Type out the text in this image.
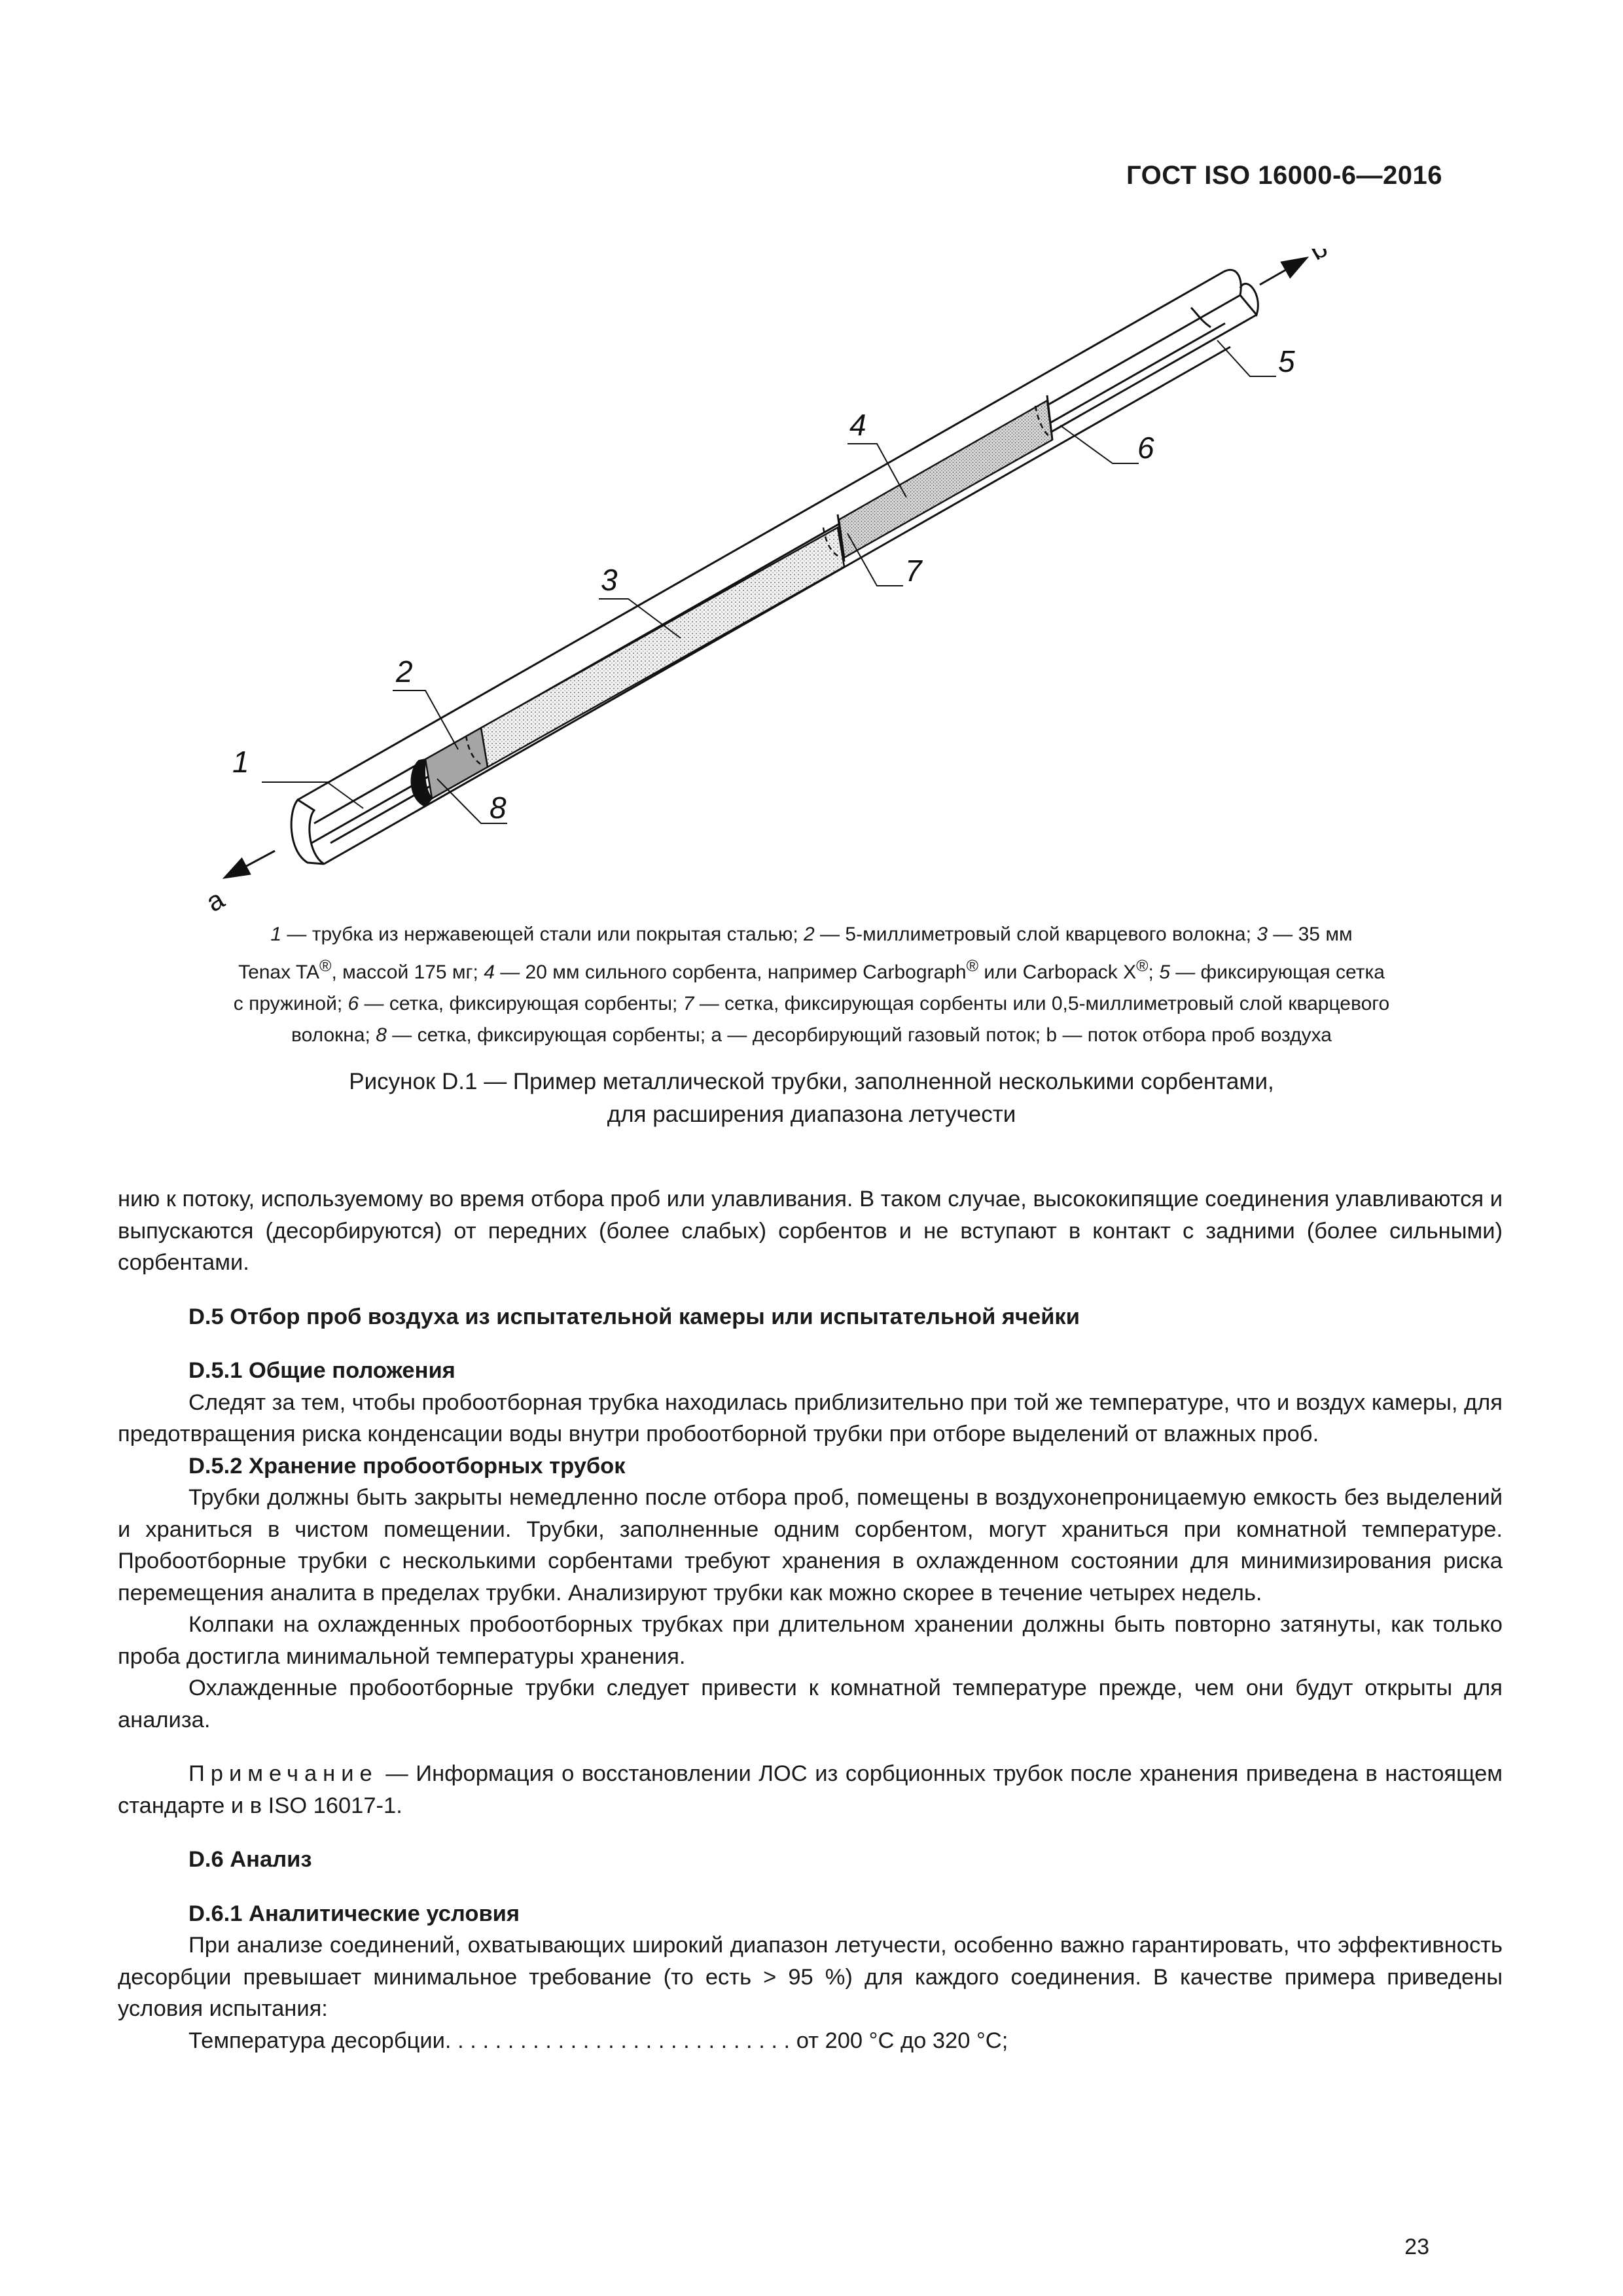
ГОСТ ISO 16000-6—2016
1
2
3
4
5
6
7
8
a
b
1 — трубка из нержавеющей стали или покрытая сталью; 2 — 5-миллиметровый слой кварцевого волокна; 3 — 35 мм
Tenax TA®, массой 175 мг; 4 — 20 мм сильного сорбента, например Carbograph® или Carbopack X®; 5 — фиксирующая сетка
с пружиной; 6 — сетка, фиксирующая сорбенты; 7 — сетка, фиксирующая сорбенты или 0,5-миллиметровый слой кварцевого
волокна; 8 — сетка, фиксирующая сорбенты; а — десорбирующий газовый поток; b — поток отбора проб воздуха
Рисунок D.1 — Пример металлической трубки, заполненной несколькими сорбентами,
для расширения диапазона летучести

нию к потоку, используемому во время отбора проб или улавливания. В таком случае, высококипящие соединения улавливаются и выпускаются (десорбируются) от передних (более слабых) сорбентов и не вступают в контакт с задними (более сильными) сорбентами.

D.5 Отбор проб воздуха из испытательной камеры или испытательной ячейки

D.5.1 Общие положения

Следят за тем, чтобы пробоотборная трубка находилась приблизительно при той же температуре, что и воздух камеры, для предотвращения риска конденсации воды внутри пробоотборной трубки при отборе выделений от влажных проб.

D.5.2 Хранение пробоотборных трубок

Трубки должны быть закрыты немедленно после отбора проб, помещены в воздухонепроницаемую емкость без выделений и храниться в чистом помещении. Трубки, заполненные одним сорбентом, могут храниться при комнатной температуре. Пробоотборные трубки с несколькими сорбентами требуют хранения в охлажденном состоянии для минимизирования риска перемещения аналита в пределах трубки. Анализируют трубки как можно скорее в течение четырех недель.

Колпаки на охлажденных пробоотборных трубках при длительном хранении должны быть повторно затянуты, как только проба достигла минимальной температуры хранения.

Охлажденные пробоотборные трубки следует привести к комнатной температуре прежде, чем они будут открыты для анализа.

Примечание — Информация о восстановлении ЛОС из сорбционных трубок после хранения приведена в настоящем стандарте и в ISO 16017-1.

D.6 Анализ

D.6.1 Аналитические условия

При анализе соединений, охватывающих широкий диапазон летучести, особенно важно гарантировать, что эффективность десорбции превышает минимальное требование (то есть > 95 %) для каждого соединения. В качестве примера приведены условия испытания:

Температура десорбции. . . . . . . . . . . . . . . . . . . . . . . . . . . . от 200 °С до 320 °С;

23
